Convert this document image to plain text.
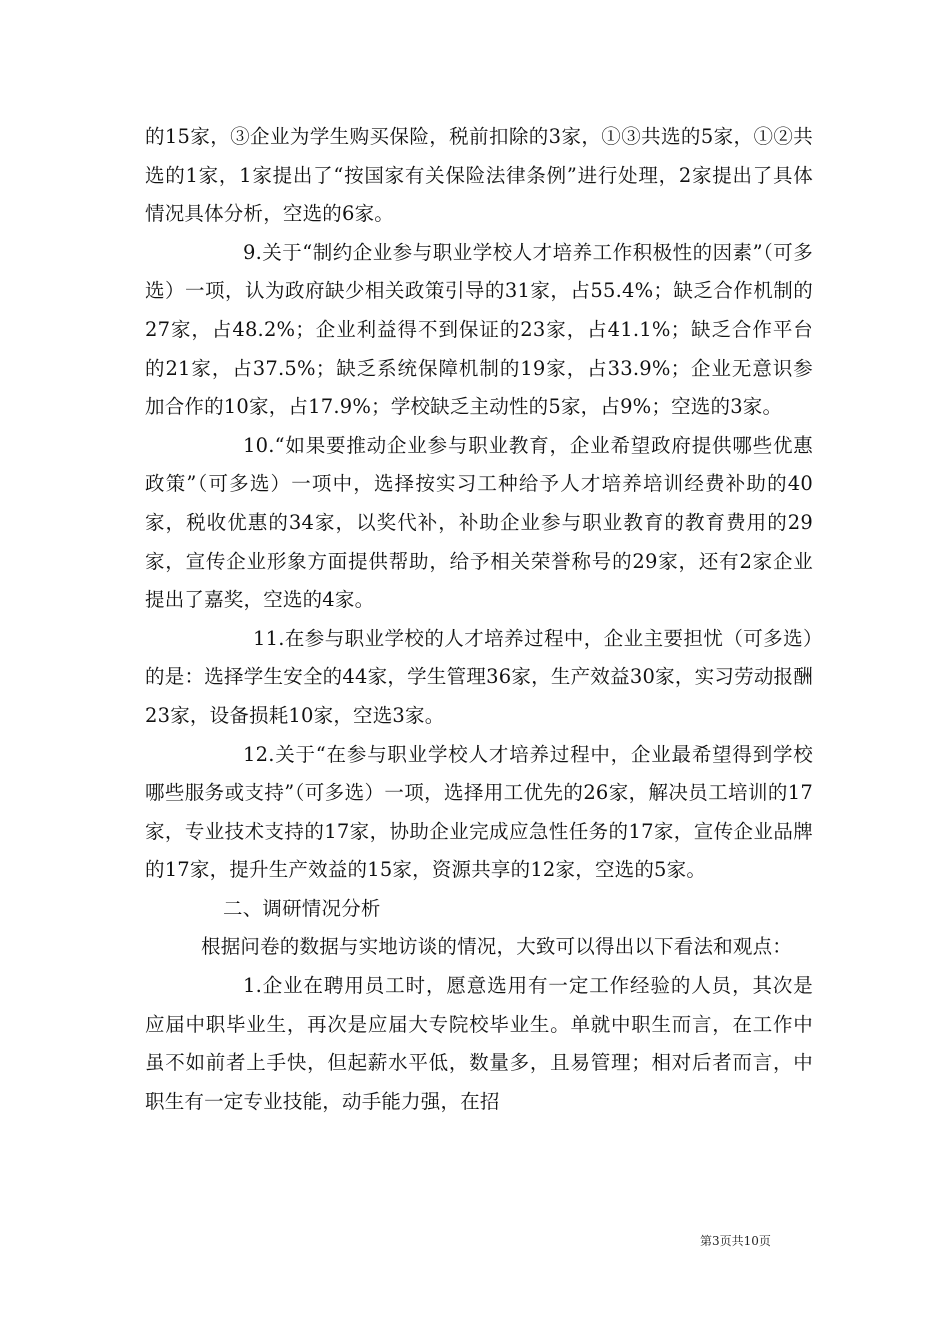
的15家，③企业为学生购买保险，税前扣除的3家，①③共选的5家，①②共选的1家，1家提出了“按国家有关保险法律条例”进行处理，2家提出了具体情况具体分析，空选的6家。

9.关于“制约企业参与职业学校人才培养工作积极性的因素”（可多选）一项，认为政府缺少相关政策引导的31家，占55.4%；缺乏合作机制的27家，占48.2%；企业利益得不到保证的23家，占41.1%；缺乏合作平台的21家，占37.5%；缺乏系统保障机制的19家，占33.9%；企业无意识参加合作的10家，占17.9%；学校缺乏主动性的5家，占9%；空选的3家。

10.“如果要推动企业参与职业教育，企业希望政府提供哪些优惠政策”（可多选）一项中，选择按实习工种给予人才培养培训经费补助的40家，税收优惠的34家，以奖代补，补助企业参与职业教育的教育费用的29家，宣传企业形象方面提供帮助，给予相关荣誉称号的29家，还有2家企业提出了嘉奖，空选的4家。

11.在参与职业学校的人才培养过程中，企业主要担忧（可多选）的是：选择学生安全的44家，学生管理36家，生产效益30家，实习劳动报酬23家，设备损耗10家，空选3家。

12.关于“在参与职业学校人才培养过程中，企业最希望得到学校哪些服务或支持”（可多选）一项，选择用工优先的26家，解决员工培训的17家，专业技术支持的17家，协助企业完成应急性任务的17家，宣传企业品牌的17家，提升生产效益的15家，资源共享的12家，空选的5家。

二、调研情况分析

根据问卷的数据与实地访谈的情况，大致可以得出以下看法和观点：

1.企业在聘用员工时，愿意选用有一定工作经验的人员，其次是应届中职毕业生，再次是应届大专院校毕业生。单就中职生而言，在工作中虽不如前者上手快，但起薪水平低，数量多，且易管理；相对后者而言，中职生有一定专业技能，动手能力强，在招

第3页共10页
